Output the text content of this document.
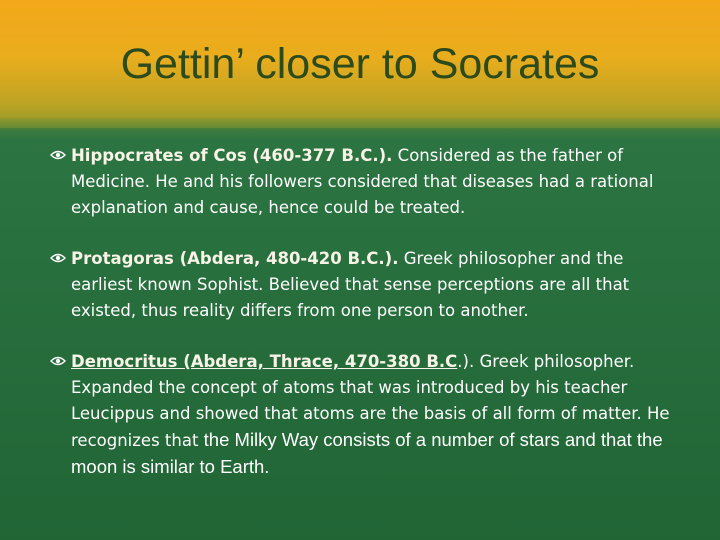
Gettin’ closer to Socrates
Hippocrates of Cos (460-377 B.C.). Considered as the father of Medicine. He and his followers considered that diseases had a rational explanation and cause, hence could be treated.
Protagoras (Abdera, 480-420 B.C.). Greek philosopher and the earliest known Sophist. Believed that sense perceptions are all that existed, thus reality differs from one person to another.
Democritus (Abdera, Thrace, 470-380 B.C.). Greek philosopher. Expanded the concept of atoms that was introduced by his teacher Leucippus and showed that atoms are the basis of all form of matter. He recognizes that the Milky Way consists of a number of stars and that the moon is similar to Earth.
